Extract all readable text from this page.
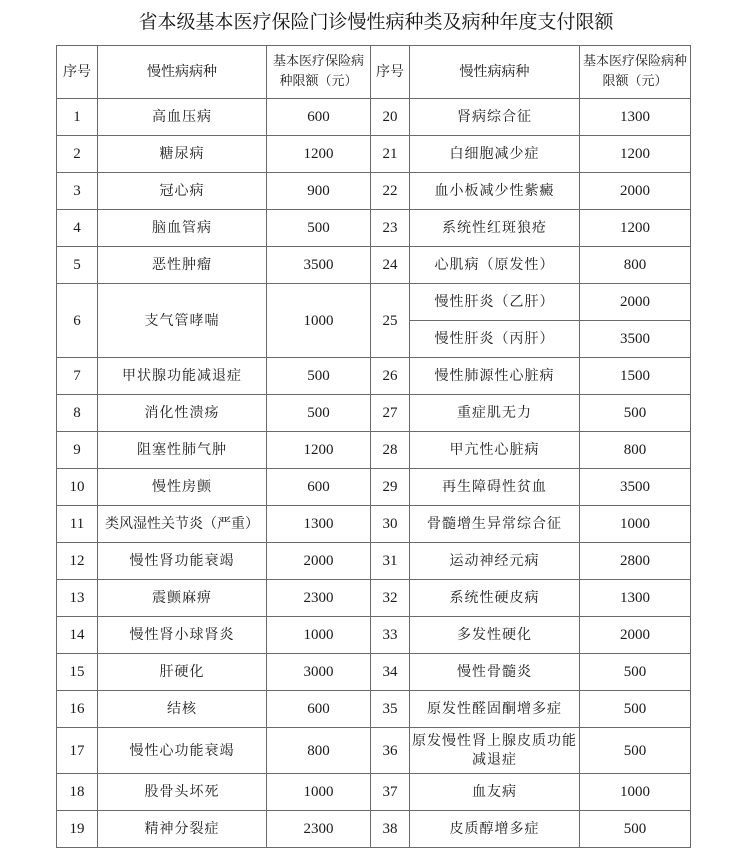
省本级基本医疗保险门诊慢性病种类及病种年度支付限额
序号	慢性病病种	基本医疗保险病种限额（元）	序号	慢性病病种	基本医疗保险病种限额（元）
1	高血压病	600	20	肾病综合征	1300
2	糖尿病	1200	21	白细胞减少症	1200
3	冠心病	900	22	血小板减少性紫癜	2000
4	脑血管病	500	23	系统性红斑狼疮	1200
5	恶性肿瘤	3500	24	心肌病（原发性）	800
6	支气管哮喘	1000	25	慢性肝炎（乙肝）	2000
				慢性肝炎（丙肝）	3500
7	甲状腺功能减退症	500	26	慢性肺源性心脏病	1500
8	消化性溃疡	500	27	重症肌无力	500
9	阻塞性肺气肿	1200	28	甲亢性心脏病	800
10	慢性房颤	600	29	再生障碍性贫血	3500
11	类风湿性关节炎（严重）	1300	30	骨髓增生异常综合征	1000
12	慢性肾功能衰竭	2000	31	运动神经元病	2800
13	震颤麻痹	2300	32	系统性硬皮病	1300
14	慢性肾小球肾炎	1000	33	多发性硬化	2000
15	肝硬化	3000	34	慢性骨髓炎	500
16	结核	600	35	原发性醛固酮增多症	500
17	慢性心功能衰竭	800	36	原发慢性肾上腺皮质功能减退症	500
18	股骨头坏死	1000	37	血友病	1000
19	精神分裂症	2300	38	皮质醇增多症	500
